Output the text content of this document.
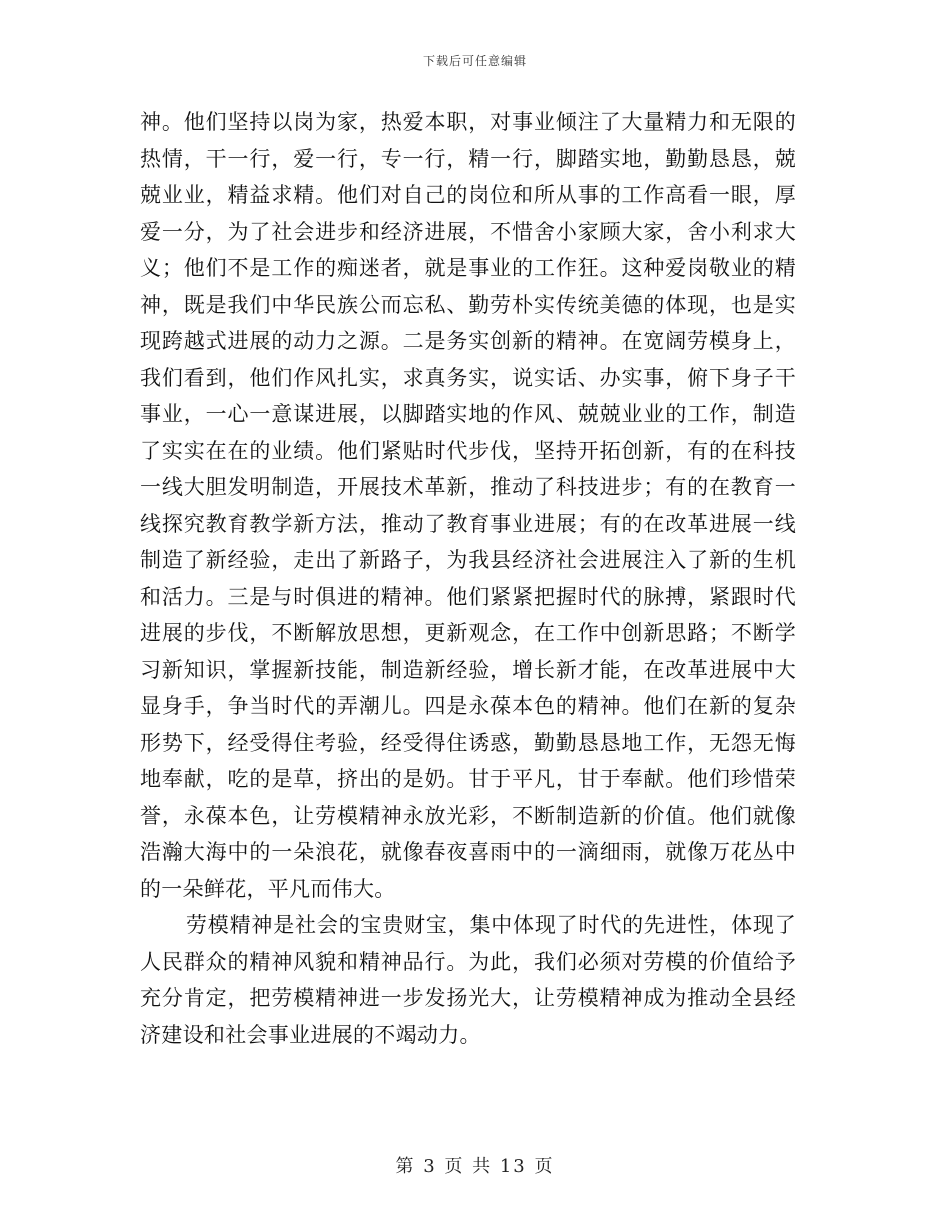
下载后可任意编辑

神。他们坚持以岗为家，热爱本职，对事业倾注了大量精力和无限的热情，干一行，爱一行，专一行，精一行，脚踏实地，勤勤恳恳，兢兢业业，精益求精。他们对自己的岗位和所从事的工作高看一眼，厚爱一分，为了社会进步和经济进展，不惜舍小家顾大家，舍小利求大义；他们不是工作的痴迷者，就是事业的工作狂。这种爱岗敬业的精神，既是我们中华民族公而忘私、勤劳朴实传统美德的体现，也是实现跨越式进展的动力之源。二是务实创新的精神。在宽阔劳模身上，我们看到，他们作风扎实，求真务实，说实话、办实事，俯下身子干事业，一心一意谋进展，以脚踏实地的作风、兢兢业业的工作，制造了实实在在的业绩。他们紧贴时代步伐，坚持开拓创新，有的在科技一线大胆发明制造，开展技术革新，推动了科技进步；有的在教育一线探究教育教学新方法，推动了教育事业进展；有的在改革进展一线制造了新经验，走出了新路子，为我县经济社会进展注入了新的生机和活力。三是与时俱进的精神。他们紧紧把握时代的脉搏，紧跟时代进展的步伐，不断解放思想，更新观念，在工作中创新思路；不断学习新知识，掌握新技能，制造新经验，增长新才能，在改革进展中大显身手，争当时代的弄潮儿。四是永葆本色的精神。他们在新的复杂形势下，经受得住考验，经受得住诱惑，勤勤恳恳地工作，无怨无悔地奉献，吃的是草，挤出的是奶。甘于平凡，甘于奉献。他们珍惜荣誉，永葆本色，让劳模精神永放光彩，不断制造新的价值。他们就像浩瀚大海中的一朵浪花，就像春夜喜雨中的一滴细雨，就像万花丛中的一朵鲜花，平凡而伟大。

劳模精神是社会的宝贵财宝，集中体现了时代的先进性，体现了人民群众的精神风貌和精神品行。为此，我们必须对劳模的价值给予充分肯定，把劳模精神进一步发扬光大，让劳模精神成为推动全县经济建设和社会事业进展的不竭动力。

第 3 页 共 13 页
